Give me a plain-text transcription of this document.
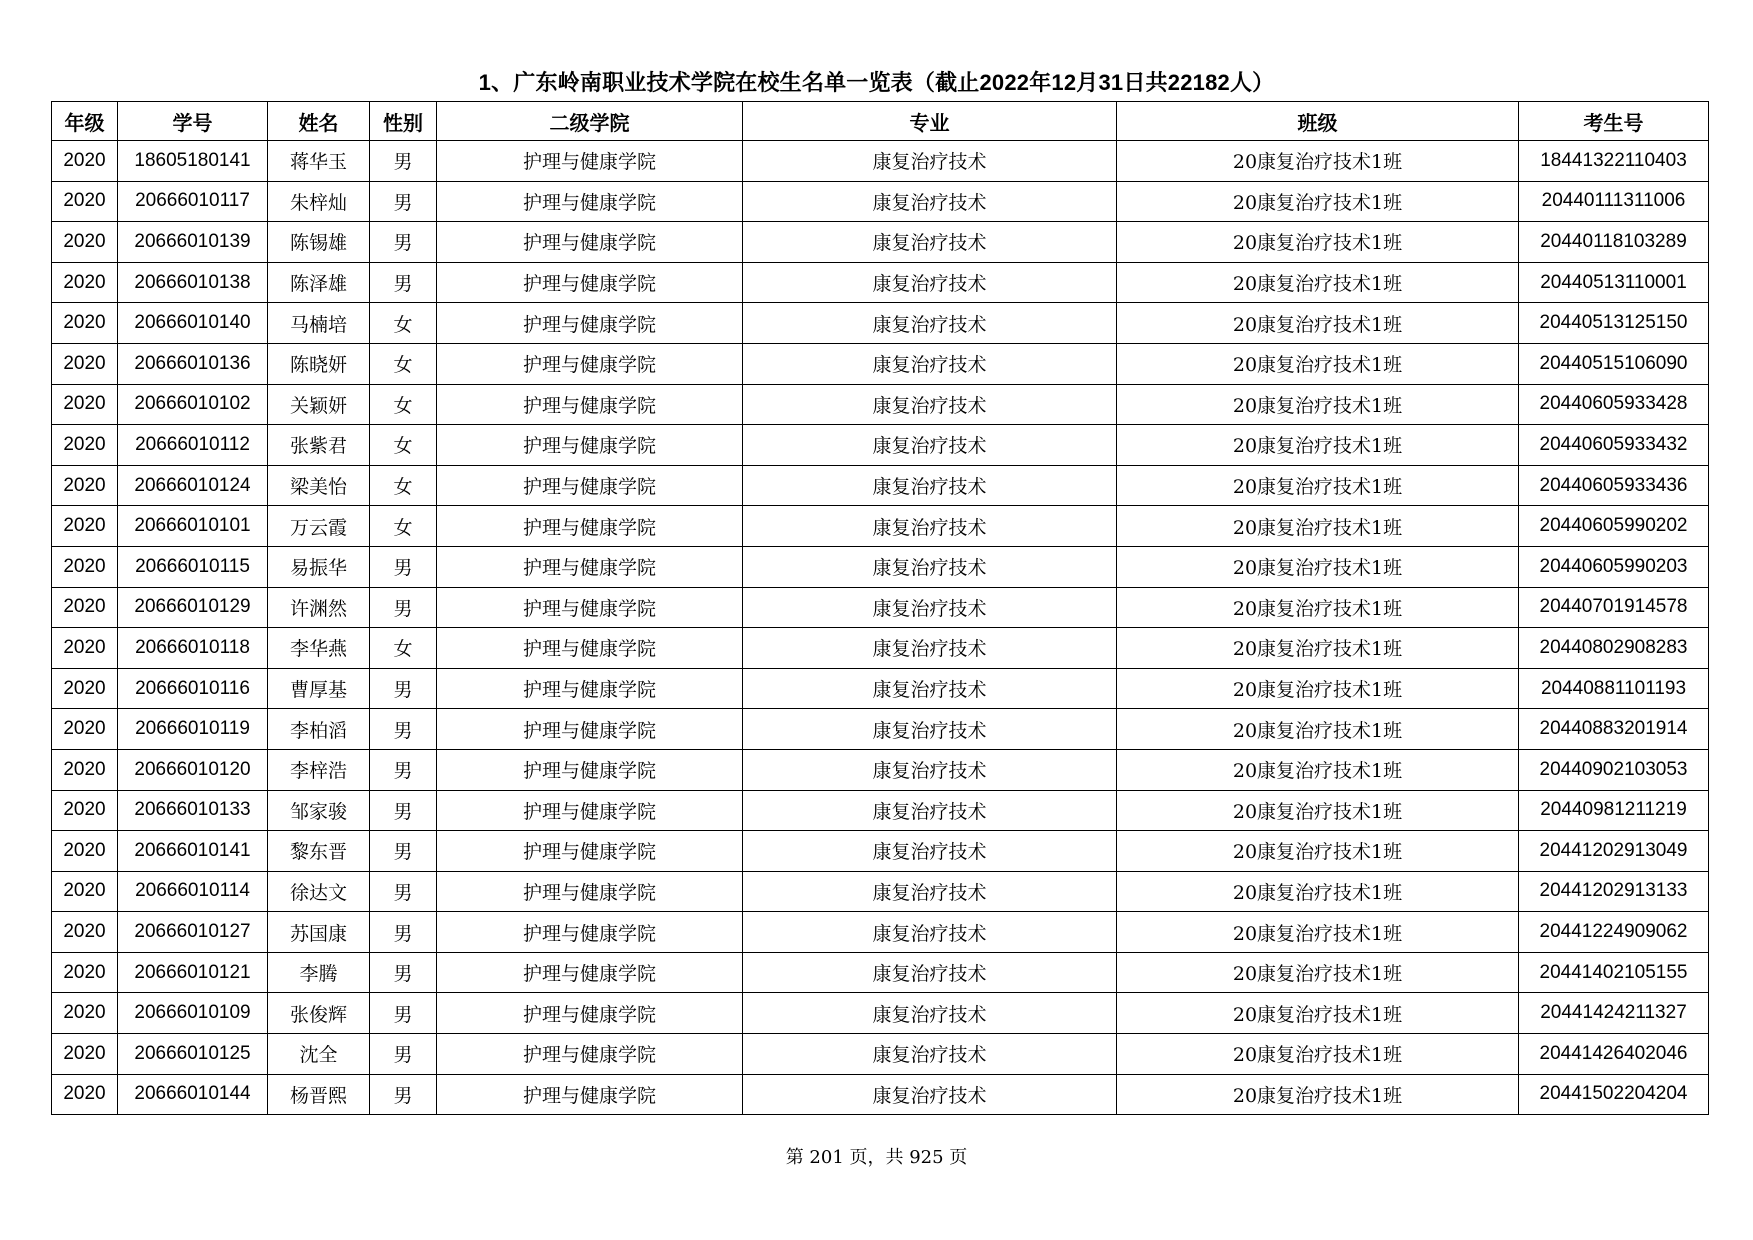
1、广东岭南职业技术学院在校生名单一览表（截止2022年12月31日共22182人）
年级	学号	姓名	性别	二级学院	专业	班级	考生号
2020	18605180141	蒋华玉	男	护理与健康学院	康复治疗技术	20康复治疗技术1班	18441322110403
2020	20666010117	朱梓灿	男	护理与健康学院	康复治疗技术	20康复治疗技术1班	20440111311006
2020	20666010139	陈锡雄	男	护理与健康学院	康复治疗技术	20康复治疗技术1班	20440118103289
2020	20666010138	陈泽雄	男	护理与健康学院	康复治疗技术	20康复治疗技术1班	20440513110001
2020	20666010140	马楠培	女	护理与健康学院	康复治疗技术	20康复治疗技术1班	20440513125150
2020	20666010136	陈晓妍	女	护理与健康学院	康复治疗技术	20康复治疗技术1班	20440515106090
2020	20666010102	关颖妍	女	护理与健康学院	康复治疗技术	20康复治疗技术1班	20440605933428
2020	20666010112	张紫君	女	护理与健康学院	康复治疗技术	20康复治疗技术1班	20440605933432
2020	20666010124	梁美怡	女	护理与健康学院	康复治疗技术	20康复治疗技术1班	20440605933436
2020	20666010101	万云霞	女	护理与健康学院	康复治疗技术	20康复治疗技术1班	20440605990202
2020	20666010115	易振华	男	护理与健康学院	康复治疗技术	20康复治疗技术1班	20440605990203
2020	20666010129	许渊然	男	护理与健康学院	康复治疗技术	20康复治疗技术1班	20440701914578
2020	20666010118	李华燕	女	护理与健康学院	康复治疗技术	20康复治疗技术1班	20440802908283
2020	20666010116	曹厚基	男	护理与健康学院	康复治疗技术	20康复治疗技术1班	20440881101193
2020	20666010119	李柏滔	男	护理与健康学院	康复治疗技术	20康复治疗技术1班	20440883201914
2020	20666010120	李梓浩	男	护理与健康学院	康复治疗技术	20康复治疗技术1班	20440902103053
2020	20666010133	邹家骏	男	护理与健康学院	康复治疗技术	20康复治疗技术1班	20440981211219
2020	20666010141	黎东晋	男	护理与健康学院	康复治疗技术	20康复治疗技术1班	20441202913049
2020	20666010114	徐达文	男	护理与健康学院	康复治疗技术	20康复治疗技术1班	20441202913133
2020	20666010127	苏国康	男	护理与健康学院	康复治疗技术	20康复治疗技术1班	20441224909062
2020	20666010121	李腾	男	护理与健康学院	康复治疗技术	20康复治疗技术1班	20441402105155
2020	20666010109	张俊辉	男	护理与健康学院	康复治疗技术	20康复治疗技术1班	20441424211327
2020	20666010125	沈全	男	护理与健康学院	康复治疗技术	20康复治疗技术1班	20441426402046
2020	20666010144	杨晋熙	男	护理与健康学院	康复治疗技术	20康复治疗技术1班	20441502204204
第 201 页，共 925 页
